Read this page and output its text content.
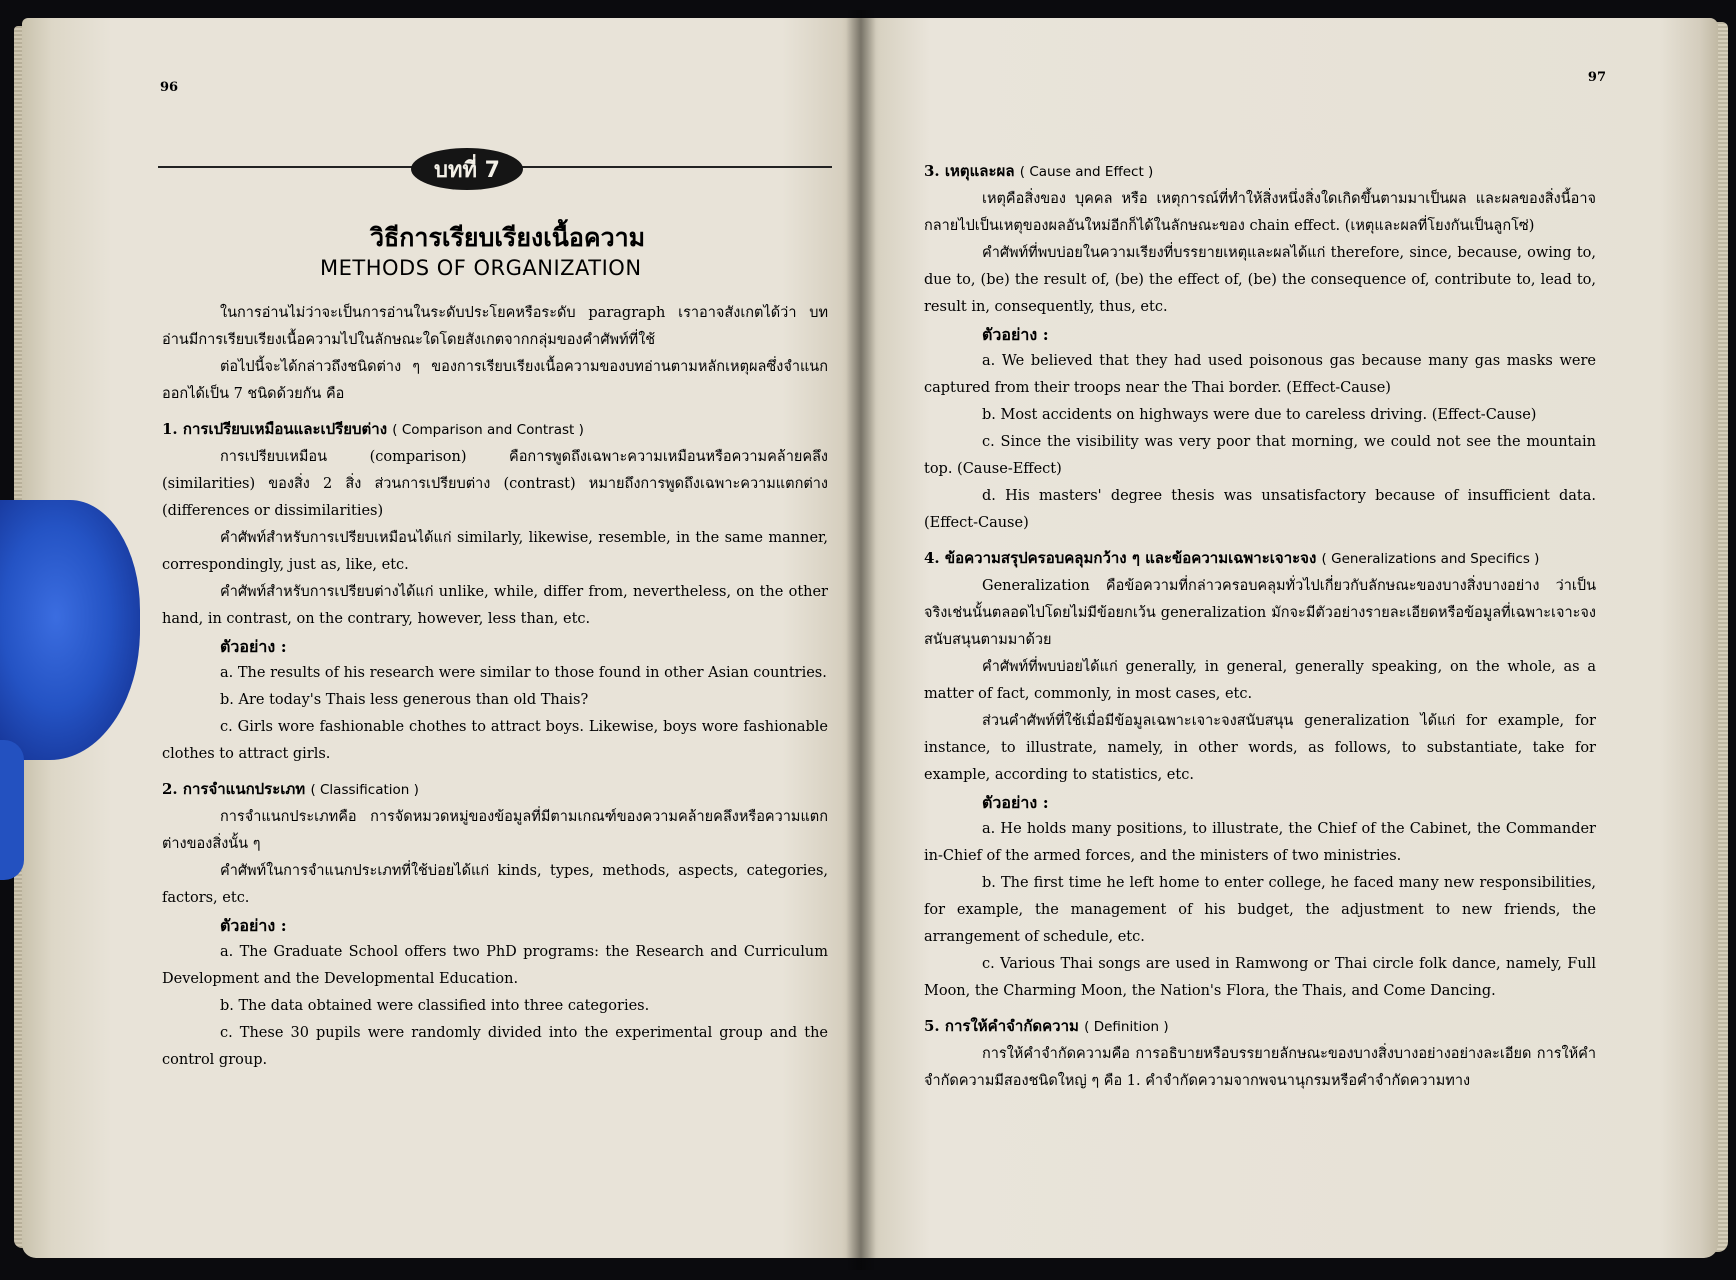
96
บทที่ 7
วิธีการเรียบเรียงเนื้อความ
METHODS OF ORGANIZATION

ในการอ่านไม่ว่าจะเป็นการอ่านในระดับประโยคหรือระดับ paragraph เราอาจสังเกตได้ว่า บทอ่านมีการเรียบเรียงเนื้อความไปในลักษณะใดโดยสังเกตจากกลุ่มของคำศัพท์ที่ใช้

ต่อไปนี้จะได้กล่าวถึงชนิดต่าง ๆ ของการเรียบเรียงเนื้อความของบทอ่านตามหลักเหตุผลซึ่งจำแนกออกได้เป็น 7 ชนิดด้วยกัน คือ

1. การเปรียบเหมือนและเปรียบต่าง ( Comparison and Contrast )

การเปรียบเหมือน (comparison) คือการพูดถึงเฉพาะความเหมือนหรือความคล้ายคลึง (similarities) ของสิ่ง 2 สิ่ง ส่วนการเปรียบต่าง (contrast) หมายถึงการพูดถึงเฉพาะความแตกต่าง (differences or dissimilarities)

คำศัพท์สำหรับการเปรียบเหมือนได้แก่ similarly, likewise, resemble, in the same manner, correspondingly, just as, like, etc.

คำศัพท์สำหรับการเปรียบต่างได้แก่ unlike, while, differ from, nevertheless, on the other hand, in contrast, on the contrary, however, less than, etc.

ตัวอย่าง :

a. The results of his research were similar to those found in other Asian countries.

b. Are today's Thais less generous than old Thais?

c. Girls wore fashionable chothes to attract boys. Likewise, boys wore fashionable clothes to attract girls.

2. การจำแนกประเภท ( Classification )

การจำแนกประเภทคือ การจัดหมวดหมู่ของข้อมูลที่มีตามเกณฑ์ของความคล้ายคลึงหรือความแตกต่างของสิ่งนั้น ๆ

คำศัพท์ในการจำแนกประเภทที่ใช้บ่อยได้แก่ kinds, types, methods, aspects, categories, factors, etc.

ตัวอย่าง :

a. The Graduate School offers two PhD programs: the Research and Curriculum Development and the Developmental Education.

b. The data obtained were classified into three categories.

c. These 30 pupils were randomly divided into the experimental group and the control group.

97
3. เหตุและผล ( Cause and Effect )

เหตุคือสิ่งของ บุคคล หรือ เหตุการณ์ที่ทำให้สิ่งหนึ่งสิ่งใดเกิดขึ้นตามมาเป็นผล และผลของสิ่งนี้อาจกลายไปเป็นเหตุของผลอันใหม่อีกก็ได้ในลักษณะของ chain effect. (เหตุและผลที่โยงกันเป็นลูกโซ่)

คำศัพท์ที่พบบ่อยในความเรียงที่บรรยายเหตุและผลได้แก่ therefore, since, because, owing to, due to, (be) the result of, (be) the effect of, (be) the consequence of, contribute to, lead to, result in, consequently, thus, etc.

ตัวอย่าง :

a. We believed that they had used poisonous gas because many gas masks were captured from their troops near the Thai border. (Effect-Cause)

b. Most accidents on highways were due to careless driving. (Effect-Cause)

c. Since the visibility was very poor that morning, we could not see the mountain top. (Cause-Effect)

d. His masters' degree thesis was unsatisfactory because of insufficient data. (Effect-Cause)

4. ข้อความสรุปครอบคลุมกว้าง ๆ และข้อความเฉพาะเจาะจง ( Generalizations and Specifics )

Generalization คือข้อความที่กล่าวครอบคลุมทั่วไปเกี่ยวกับลักษณะของบางสิ่งบางอย่าง ว่าเป็นจริงเช่นนั้นตลอดไปโดยไม่มีข้อยกเว้น generalization มักจะมีตัวอย่างรายละเอียดหรือข้อมูลที่เฉพาะเจาะจงสนับสนุนตามมาด้วย

คำศัพท์ที่พบบ่อยได้แก่ generally, in general, generally speaking, on the whole, as a matter of fact, commonly, in most cases, etc.

ส่วนคำศัพท์ที่ใช้เมื่อมีข้อมูลเฉพาะเจาะจงสนับสนุน generalization ได้แก่ for example, for instance, to illustrate, namely, in other words, as follows, to substantiate, take for example, according to statistics, etc.

ตัวอย่าง :

a. He holds many positions, to illustrate, the Chief of the Cabinet, the Commander in-Chief of the armed forces, and the ministers of two ministries.

b. The first time he left home to enter college, he faced many new responsibilities, for example, the management of his budget, the adjustment to new friends, the arrangement of schedule, etc.

c. Various Thai songs are used in Ramwong or Thai circle folk dance, namely, Full Moon, the Charming Moon, the Nation's Flora, the Thais, and Come Dancing.

5. การให้คำจำกัดความ ( Definition )

การให้คำจำกัดความคือ การอธิบายหรือบรรยายลักษณะของบางสิ่งบางอย่างอย่างละเอียด การให้คำจำกัดความมีสองชนิดใหญ่ ๆ คือ 1. คำจำกัดความจากพจนานุกรมหรือคำจำกัดความทาง
